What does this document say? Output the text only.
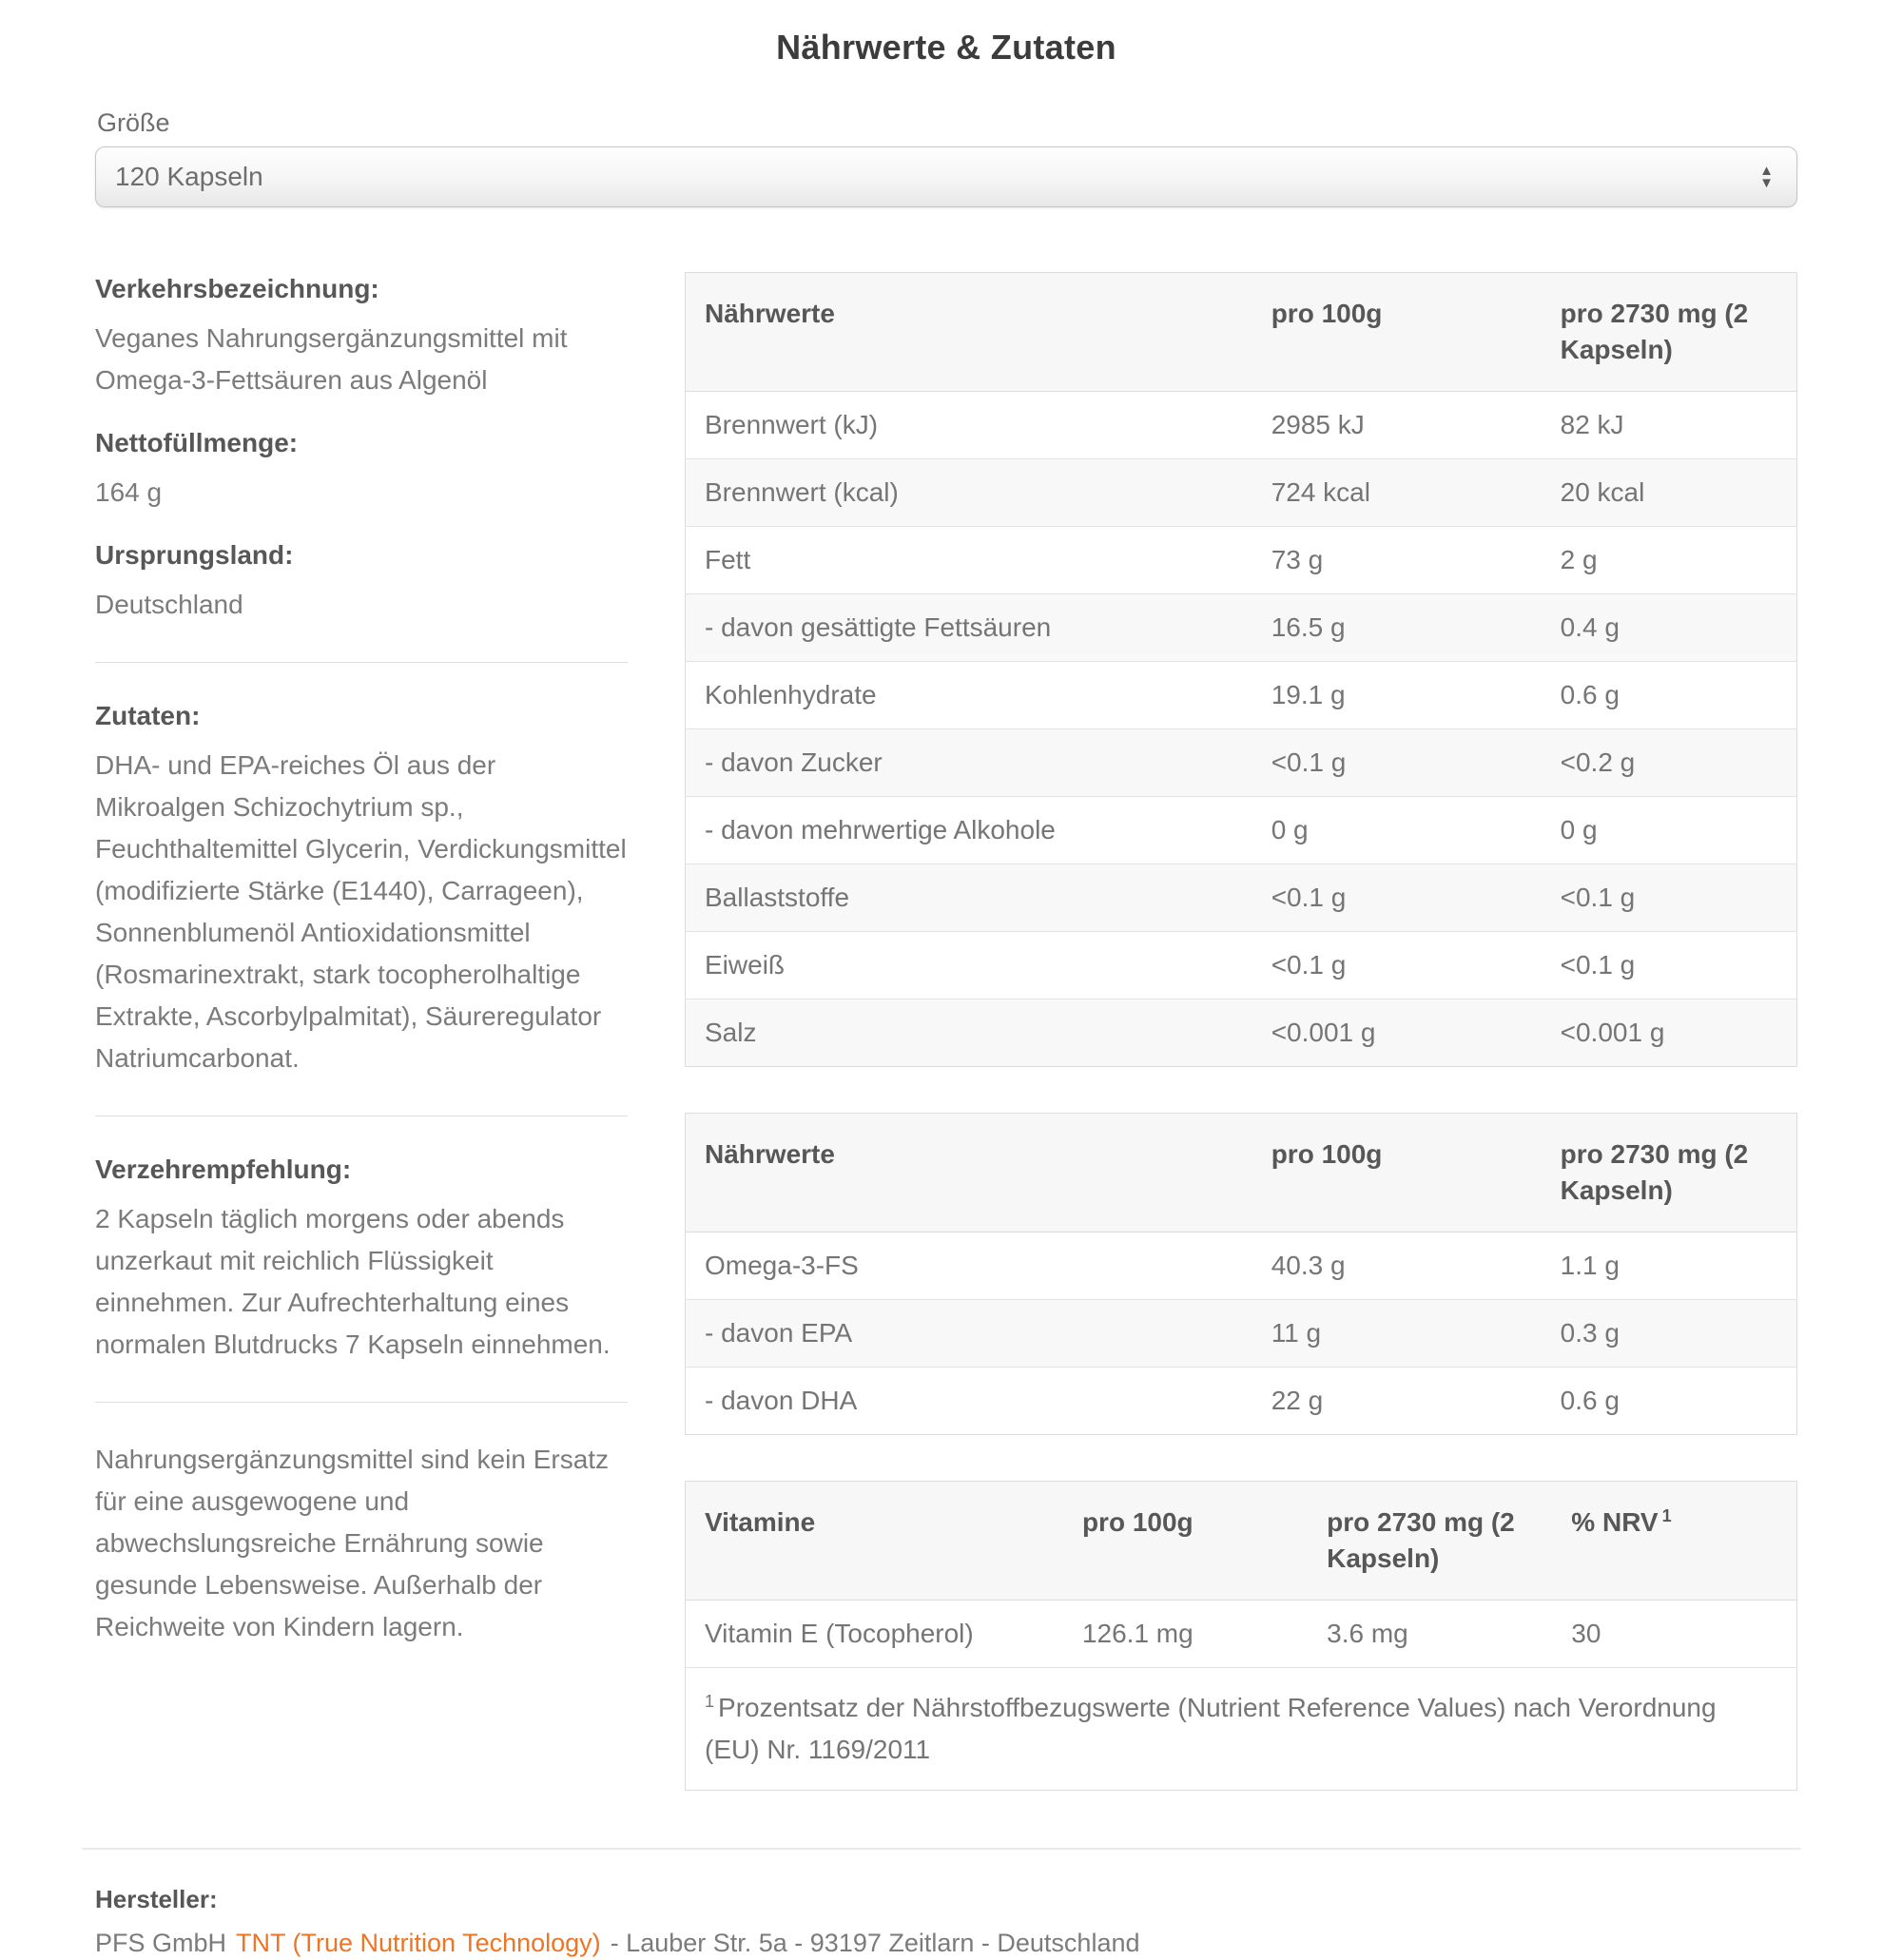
Nährwerte & Zutaten
Größe
120 Kapseln	▲
▼
Verkehrsbezeichnung:

Veganes Nahrungsergänzungsmittel mit Omega-3-Fettsäuren aus Algenöl

Nettofüllmenge:

164 g

Ursprungsland:

Deutschland

Zutaten:

DHA- und EPA-reiches Öl aus der Mikroalgen Schizochytrium sp., Feuchthaltemittel Glycerin, Verdickungsmittel (modifizierte Stärke (E1440), Carrageen), Sonnenblumenöl Antioxidationsmittel (Rosmarinextrakt, stark tocopherolhaltige Extrakte, Ascorbylpalmitat), Säureregulator Natriumcarbonat.

Verzehrempfehlung:

2 Kapseln täglich morgens oder abends unzerkaut mit reichlich Flüssigkeit einnehmen. Zur Aufrechterhaltung eines normalen Blutdrucks 7 Kapseln einnehmen.

Nahrungsergänzungsmittel sind kein Ersatz für eine ausgewogene und abwechslungsreiche Ernährung sowie gesunde Lebensweise. Außerhalb der Reichweite von Kindern lagern.

Nährwerte	pro 100g	pro 2730 mg (2 Kapseln)
Brennwert (kJ)	2985 kJ	82 kJ
Brennwert (kcal)	724 kcal	20 kcal
Fett	73 g	2 g
- davon gesättigte Fettsäuren	16.5 g	0.4 g
Kohlenhydrate	19.1 g	0.6 g
- davon Zucker	<0.1 g	<0.2 g
- davon mehrwertige Alkohole	0 g	0 g
Ballaststoffe	<0.1 g	<0.1 g
Eiweiß	<0.1 g	<0.1 g
Salz	<0.001 g	<0.001 g
Nährwerte	pro 100g	pro 2730 mg (2 Kapseln)
Omega-3-FS	40.3 g	1.1 g
- davon EPA	11 g	0.3 g
- davon DHA	22 g	0.6 g
Vitamine	pro 100g	pro 2730 mg (2 Kapseln)	% NRV $^1$
Vitamin E (Tocopherol)	126.1 mg	3.6 mg	30
$^1$ Prozentsatz der Nährstoffbezugswerte (Nutrient Reference Values) nach Verordnung (EU) Nr. 1169/2011			
Hersteller:
PFS GmbH TNT (True Nutrition Technology) - Lauber Str. 5a - 93197 Zeitlarn - Deutschland
